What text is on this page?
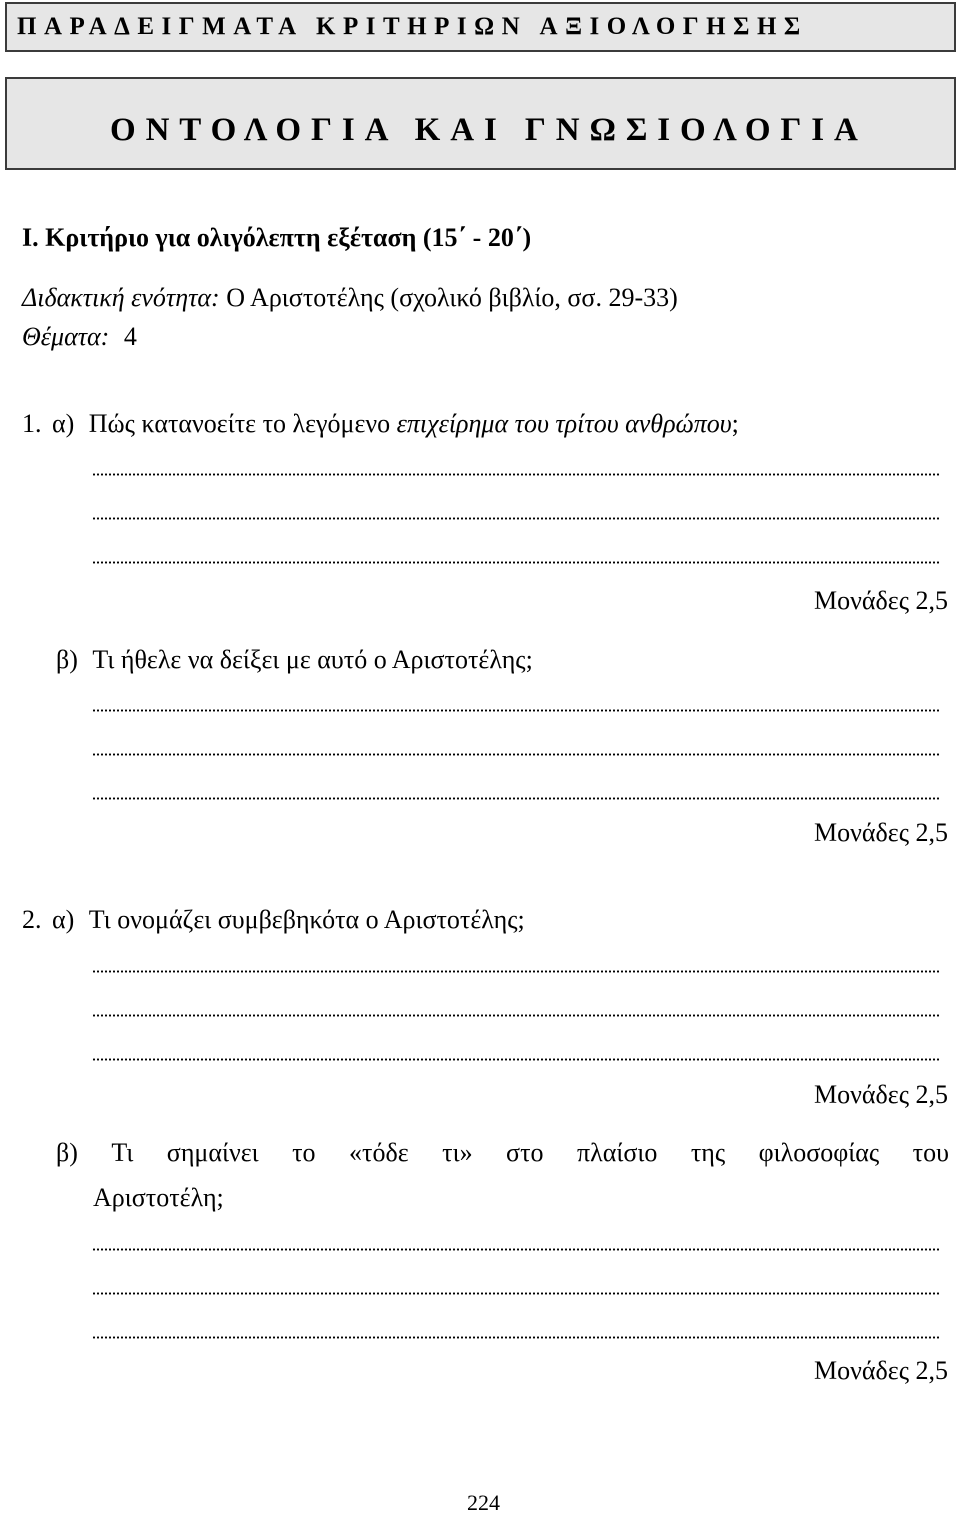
ΠΑΡΑΔΕΙΓΜΑΤΑ ΚΡΙΤΗΡΙΩΝ ΑΞΙΟΛΟΓΗΣΗΣ
ΟΝΤΟΛΟΓΙΑ ΚΑΙ ΓΝΩΣΙΟΛΟΓΙΑ
Ι. Κριτήριο για ολιγόλεπτη εξέταση (15΄ - 20΄)
Διδακτική ενότητα: Ο Αριστοτέλης (σχολικό βιβλίο, σσ. 29-33)
Θέματα: 4
1. α) Πώς κατανοείτε το λεγόμενο επιχείρημα του τρίτου ανθρώπου;
Μονάδες 2,5
β) Τι ήθελε να δείξει με αυτό ο Αριστοτέλης;
Μονάδες 2,5
2. α) Τι ονομάζει συμβεβηκότα ο Αριστοτέλης;
Μονάδες 2,5
β) Τι σημαίνει το «τόδε τι» στο πλαίσιο της φιλοσοφίας του
Αριστοτέλη;
Μονάδες 2,5
224
